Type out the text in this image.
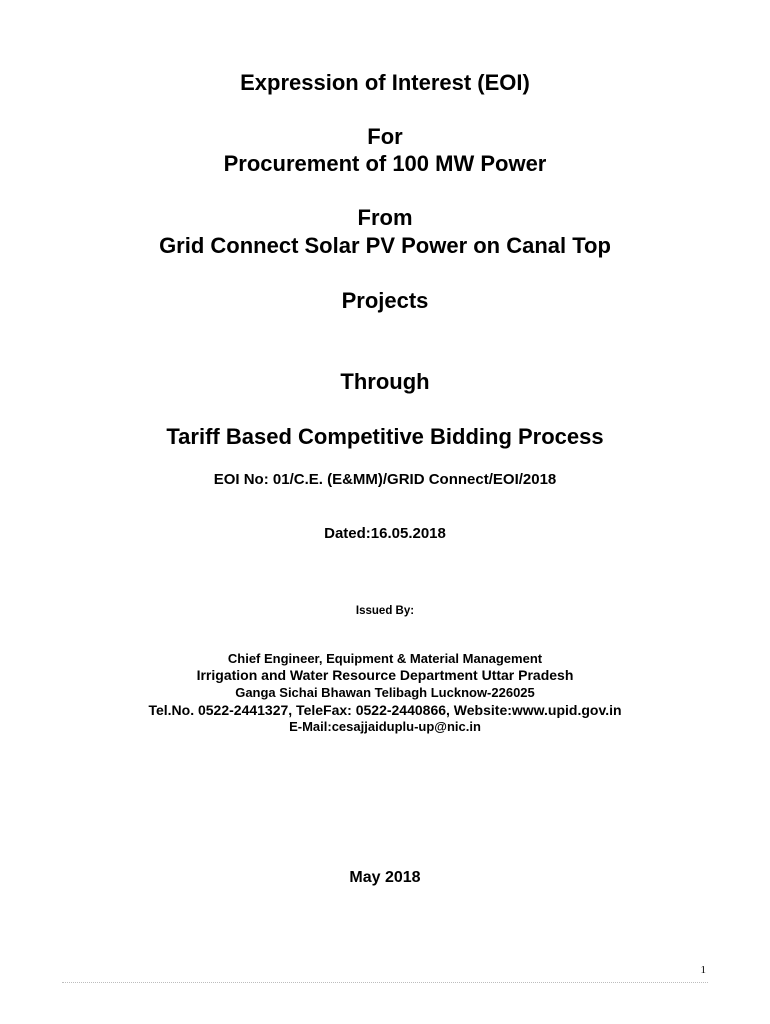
Expression of Interest (EOI)
For
Procurement of 100 MW Power
From
Grid Connect Solar PV Power on Canal Top
Projects
Through
Tariff Based Competitive Bidding Process
EOI No: 01/C.E. (E&MM)/GRID Connect/EOI/2018
Dated:16.05.2018
Issued By:
Chief Engineer, Equipment & Material Management
Irrigation and Water Resource Department Uttar Pradesh
Ganga Sichai Bhawan Telibagh Lucknow-226025
Tel.No. 0522-2441327, TeleFax: 0522-2440866, Website:www.upid.gov.in
E-Mail:cesajjaiduplu-up@nic.in
May 2018
1
